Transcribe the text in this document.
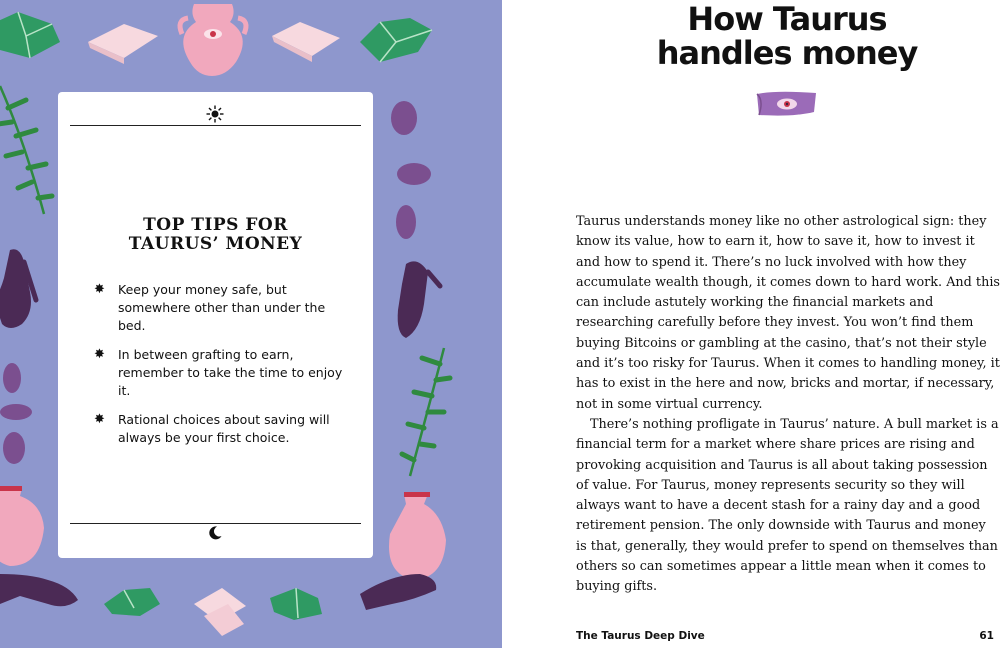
TOP TIPS FOR
TAURUS’ MONEY
✸ Keep your money safe, but somewhere other than under the bed.
✸ In between grafting to earn, remember to take the time to enjoy it.
✸ Rational choices about saving will always be your first choice.
How Taurus
handles money

Taurus understands money like no other astrological sign: they know its value, how to earn it, how to save it, how to invest it and how to spend it. There’s no luck involved with how they accumulate wealth though, it comes down to hard work. And this can include astutely working the financial markets and researching carefully before they invest. You won’t find them buying Bitcoins or gambling at the casino, that’s not their style and it’s too risky for Taurus. When it comes to handling money, it has to exist in the here and now, bricks and mortar, if necessary, not in some virtual currency.

There’s nothing profligate in Taurus’ nature. A bull market is a financial term for a market where share prices are rising and provoking acquisition and Taurus is all about taking possession of value. For Taurus, money represents security so they will always want to have a decent stash for a rainy day and a good retirement pension. The only downside with Taurus and money is that, generally, they would prefer to spend on themselves than others so can sometimes appear a little mean when it comes to buying gifts.

The Taurus Deep Dive	61
